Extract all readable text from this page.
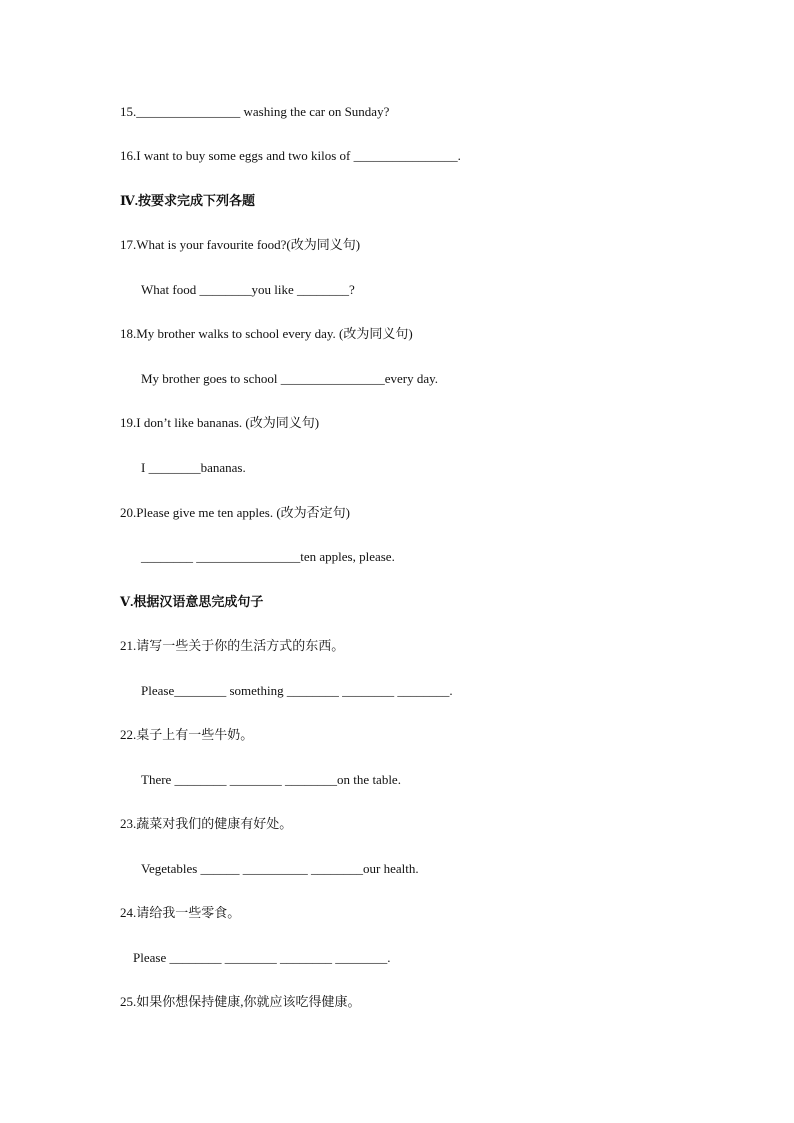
15.________________ washing the car on Sunday?
16.I want to buy some eggs and two kilos of ________________.
Ⅳ.按要求完成下列各题
17.What is your favourite food?(改为同义句)
What food ________you like ________?
18.My brother walks to school every day. (改为同义句)
My brother goes to school ________________every day.
19.I don’t like bananas. (改为同义句)
I ________bananas.
20.Please give me ten apples. (改为否定句)
________ ________________ten apples, please.
Ⅴ.根据汉语意思完成句子
21.请写一些关于你的生活方式的东西。
Please________ something ________ ________ ________.
22.桌子上有一些牛奶。
There ________ ________ ________on the table.
23.蔬菜对我们的健康有好处。
Vegetables ______ __________ ________our health.
24.请给我一些零食。
Please ________ ________ ________ ________.
25.如果你想保持健康,你就应该吃得健康。
